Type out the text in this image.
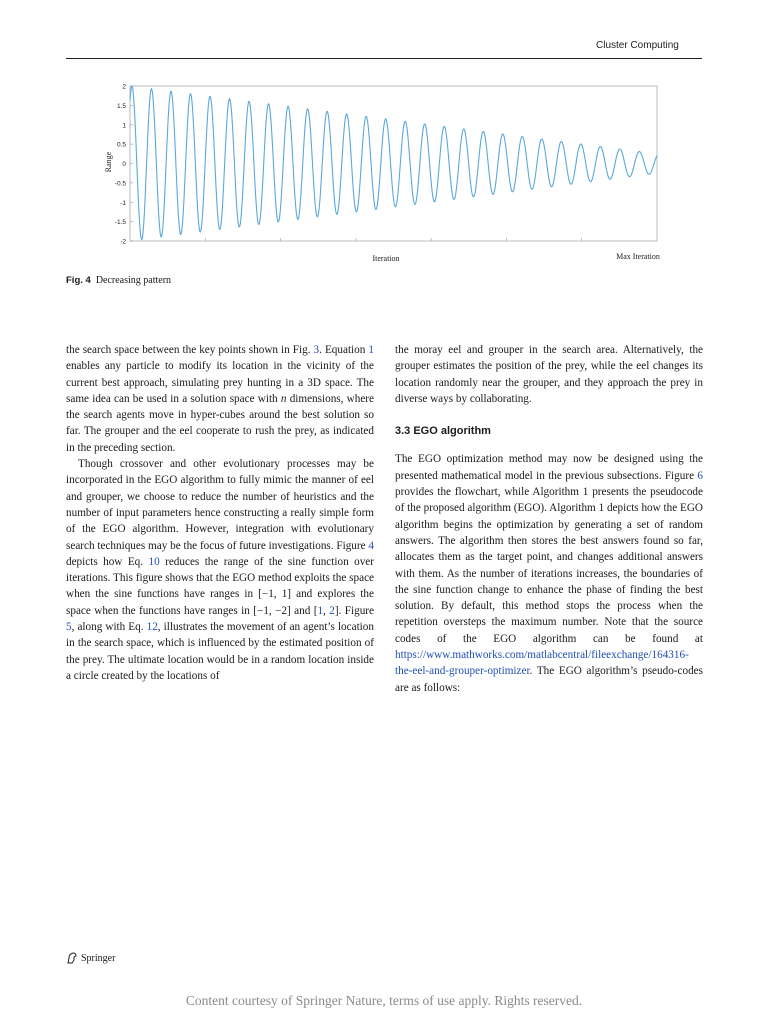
Cluster Computing
2
1.5
1
0.5
0
-0.5
-1
-1.5
-2
Range
Iteration	Max Iteration
Fig. 4 Decreasing pattern

the search space between the key points shown in Fig. 3. Equation 1 enables any particle to modify its location in the vicinity of the current best approach, simulating prey hunting in a 3D space. The same idea can be used in a solution space with n dimensions, where the search agents move in hyper-cubes around the best solution so far. The grouper and the eel cooperate to rush the prey, as indicated in the preceding section.

Though crossover and other evolutionary processes may be incorporated in the EGO algorithm to fully mimic the manner of eel and grouper, we choose to reduce the number of heuristics and the number of input parameters hence constructing a really simple form of the EGO algorithm. However, integration with evolutionary search techniques may be the focus of future investigations. Figure 4 depicts how Eq. 10 reduces the range of the sine function over iterations. This figure shows that the EGO method exploits the space when the sine functions have ranges in [−1, 1] and explores the space when the functions have ranges in [−1, −2] and [1, 2]. Figure 5, along with Eq. 12, illustrates the movement of an agent’s location in the search space, which is influenced by the estimated position of the prey. The ultimate location would be in a random location inside a circle created by the locations of

the moray eel and grouper in the search area. Alternatively, the grouper estimates the position of the prey, while the eel changes its location randomly near the grouper, and they approach the prey in diverse ways by collaborating.

3.3 EGO algorithm

The EGO optimization method may now be designed using the presented mathematical model in the previous subsections. Figure 6 provides the flowchart, while Algorithm 1 presents the pseudocode of the proposed algorithm (EGO). Algorithm 1 depicts how the EGO algorithm begins the optimization by generating a set of random answers. The algorithm then stores the best answers found so far, allocates them as the target point, and changes additional answers with them. As the number of iterations increases, the boundaries of the sine function change to enhance the phase of finding the best solution. By default, this method stops the process when the repetition oversteps the maximum number. Note that the source codes of the EGO algorithm can be found at https://www.mathworks.com/matlabcentral/fileexchange/164316-the-eel-and-grouper-optimizer. The EGO algorithm’s pseudo-codes are as follows:

Springer
Content courtesy of Springer Nature, terms of use apply. Rights reserved.
